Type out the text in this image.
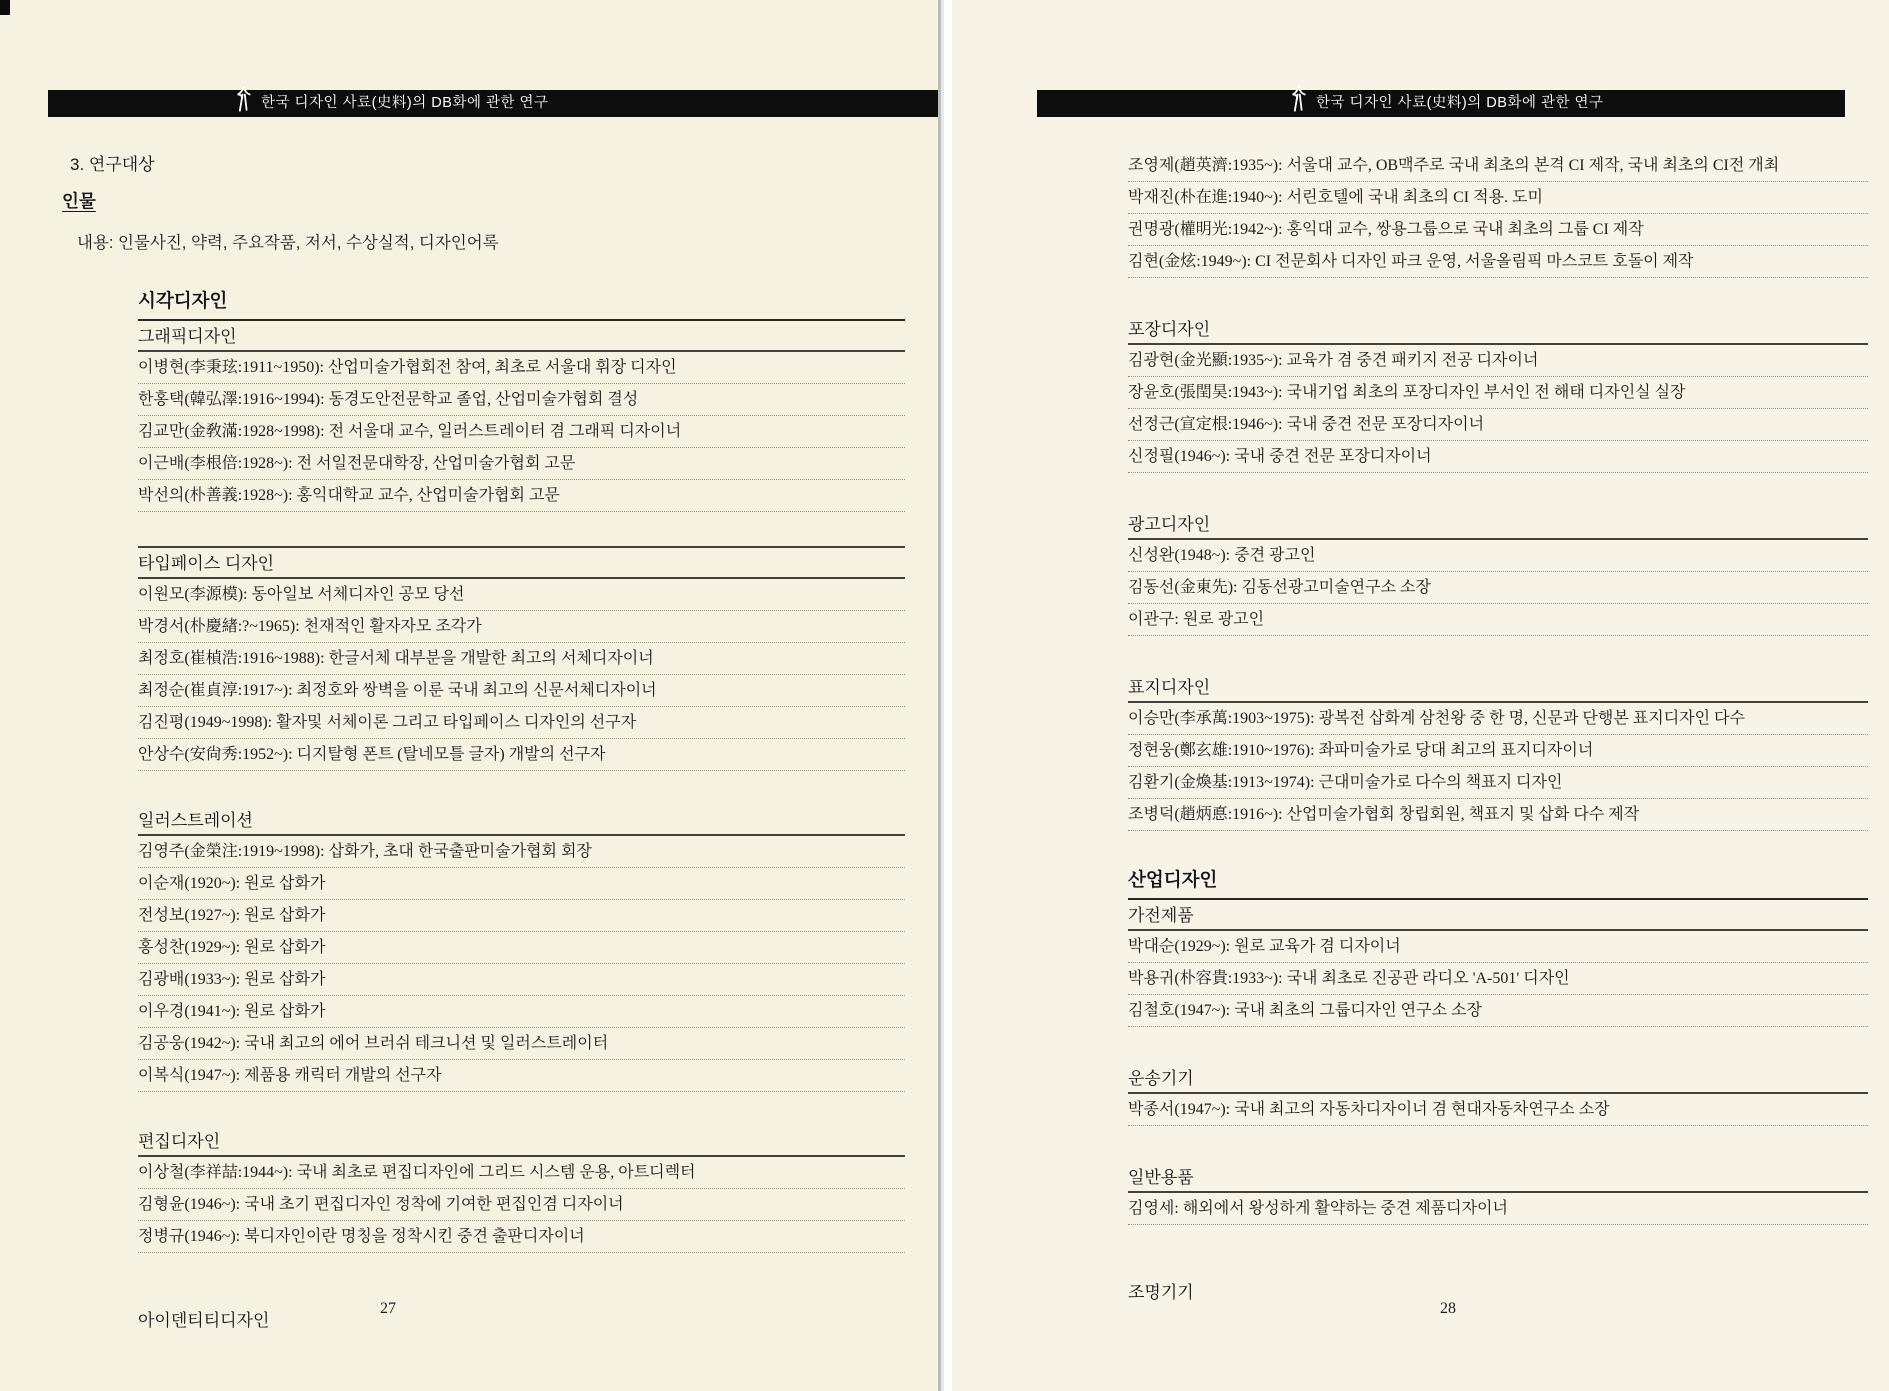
한국 디자인 사료(史料)의 DB화에 관한 연구
3. 연구대상
인물
내용: 인물사진, 약력, 주요작품, 저서, 수상실적, 디자인어록
시각디자인
그래픽디자인
이병현(李秉玹:1911~1950): 산업미술가협회전 참여, 최초로 서울대 휘장 디자인
한홍택(韓弘澤:1916~1994): 동경도안전문학교 졸업, 산업미술가협회 결성
김교만(金敎滿:1928~1998): 전 서울대 교수, 일러스트레이터 겸 그래픽 디자이너
이근배(李根倍:1928~): 전 서일전문대학장, 산업미술가협회 고문
박선의(朴善義:1928~): 홍익대학교 교수, 산업미술가협회 고문
타입페이스 디자인
이원모(李源模): 동아일보 서체디자인 공모 당선
박경서(朴慶緖:?~1965): 천재적인 활자자모 조각가
최정호(崔楨浩:1916~1988): 한글서체 대부분을 개발한 최고의 서체디자이너
최정순(崔貞淳:1917~): 최정호와 쌍벽을 이룬 국내 최고의 신문서체디자이너
김진평(1949~1998): 활자및 서체이론 그리고 타입페이스 디자인의 선구자
안상수(安尙秀:1952~): 디지탈형 폰트 (탈네모틀 글자) 개발의 선구자
일러스트레이션
김영주(金榮注:1919~1998): 삽화가, 초대 한국출판미술가협회 회장
이순재(1920~): 원로 삽화가
전성보(1927~): 원로 삽화가
홍성찬(1929~): 원로 삽화가
김광배(1933~): 원로 삽화가
이우경(1941~): 원로 삽화가
김공웅(1942~): 국내 최고의 에어 브러쉬 테크니션 및 일러스트레이터
이복식(1947~): 제품용 캐릭터 개발의 선구자
편집디자인
이상철(李祥喆:1944~): 국내 최초로 편집디자인에 그리드 시스템 운용, 아트디렉터
김형윤(1946~): 국내 초기 편집디자인 정착에 기여한 편집인겸 디자이너
정병규(1946~): 북디자인이란 명칭을 정착시킨 중견 출판디자이너
아이덴티티디자인
27
한국 디자인 사료(史料)의 DB화에 관한 연구
조영제(趙英濟:1935~): 서울대 교수, OB맥주로 국내 최초의 본격 CI 제작, 국내 최초의 CI전 개최
박재진(朴在進:1940~): 서린호텔에 국내 최초의 CI 적용. 도미
권명광(權明光:1942~): 홍익대 교수, 쌍용그룹으로 국내 최초의 그룹 CI 제작
김현(金炫:1949~): CI 전문회사 디자인 파크 운영, 서울올림픽 마스코트 호돌이 제작
포장디자인
김광현(金光顯:1935~): 교육가 겸 중견 패키지 전공 디자이너
장윤호(張閏昊:1943~): 국내기업 최초의 포장디자인 부서인 전 해태 디자인실 실장
선정근(宣定根:1946~): 국내 중견 전문 포장디자이너
신정필(1946~): 국내 중견 전문 포장디자이너
광고디자인
신성완(1948~): 중견 광고인
김동선(金東先): 김동선광고미술연구소 소장
이관구: 원로 광고인
표지디자인
이승만(李承萬:1903~1975): 광복전 삽화계 삼천왕 중 한 명, 신문과 단행본 표지디자인 다수
정현웅(鄭玄雄:1910~1976): 좌파미술가로 당대 최고의 표지디자이너
김환기(金煥基:1913~1974): 근대미술가로 다수의 책표지 디자인
조병덕(趙炳悳:1916~): 산업미술가협회 창립회원, 책표지 및 삽화 다수 제작
산업디자인
가전제품
박대순(1929~): 원로 교육가 겸 디자이너
박용귀(朴容貴:1933~): 국내 최초로 진공관 라디오 'A-501' 디자인
김철호(1947~): 국내 최초의 그룹디자인 연구소 소장
운송기기
박종서(1947~): 국내 최고의 자동차디자이너 겸 현대자동차연구소 소장
일반용품
김영세: 해외에서 왕성하게 활약하는 중견 제품디자이너
조명기기
28
